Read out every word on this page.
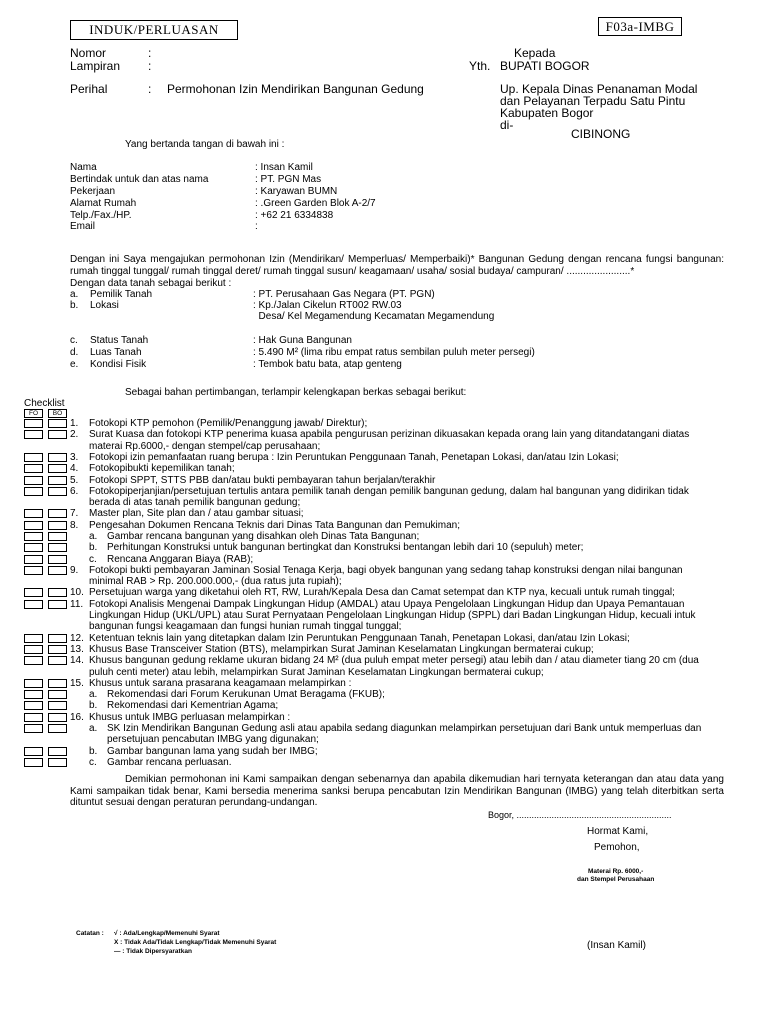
INDUK/PERLUASAN	F03a-IMBG
Nomor	:
Lampiran :
Perihal	: Permohonan Izin Mendirikan Bangunan Gedung
Kepada
Yth. BUPATI BOGOR
Up. Kepala Dinas Penanaman Modal
dan Pelayanan Terpadu Satu Pintu
Kabupaten Bogor
di-
CIBINONG
Yang bertanda tangan di bawah ini :
Nama	: Insan Kamil
Bertindak untuk dan atas nama	: PT. PGN Mas
Pekerjaan	: Karyawan BUMN
Alamat Rumah	: .Green Garden Blok A-2/7
Telp./Fax./HP.	: +62 21 6334838
Email	:
Dengan ini Saya mengajukan permohonan Izin (Mendirikan/ Memperluas/ Memperbaiki)* Bangunan Gedung dengan rencana fungsi bangunan: rumah tinggal tunggal/ rumah tinggal deret/ rumah tinggal susun/ keagamaan/ usaha/ sosial budaya/ campuran/ .......................*
Dengan data tanah sebagai berikut :
a. Pemilik Tanah	: PT. Perusahaan Gas Negara (PT. PGN)
b. Lokasi	: Kp./Jalan Cikelun RT002 RW.03
Desa/ Kel Megamendung Kecamatan Megamendung
c. Status Tanah	: Hak Guna Bangunan
d. Luas Tanah	: 5.490 M² (lima ribu empat ratus sembilan puluh meter persegi)
e. Kondisi Fisik	: Tembok batu bata, atap genteng
Sebagai bahan pertimbangan, terlampir kelengkapan berkas sebagai berikut:
Checklist
FO	BO
1. Fotokopi KTP pemohon (Pemilik/Penanggung jawab/ Direktur);
2. Surat Kuasa dan fotokopi KTP penerima kuasa apabila pengurusan perizinan dikuasakan kepada orang lain yang ditandatangani diatas
materai Rp.6000,- dengan stempel/cap perusahaan;
3. Fotokopi izin pemanfaatan ruang berupa : Izin Peruntukan Penggunaan Tanah, Penetapan Lokasi, dan/atau Izin Lokasi;
4. Fotokopibukti kepemilikan tanah;
5. Fotokopi SPPT, STTS PBB dan/atau bukti pembayaran tahun berjalan/terakhir
6. Fotokopiperjanjian/persetujuan tertulis antara pemilik tanah dengan pemilik bangunan gedung, dalam hal bangunan yang didirikan tidak
berada di atas tanah pemilik bangunan gedung;
7. Master plan, Site plan dan / atau gambar situasi;
8. Pengesahan Dokumen Rencana Teknis dari Dinas Tata Bangunan dan Pemukiman;
a. Gambar rencana bangunan yang disahkan oleh Dinas Tata Bangunan;
b. Perhitungan Konstruksi untuk bangunan bertingkat dan Konstruksi bentangan lebih dari 10 (sepuluh) meter;
c. Rencana Anggaran Biaya (RAB);
9. Fotokopi bukti pembayaran Jaminan Sosial Tenaga Kerja, bagi obyek bangunan yang sedang tahap konstruksi dengan nilai bangunan
minimal RAB > Rp. 200.000.000,- (dua ratus juta rupiah);
10. Persetujuan warga yang diketahui oleh RT, RW, Lurah/Kepala Desa dan Camat setempat dan KTP nya, kecuali untuk rumah tinggal;
11. Fotokopi Analisis Mengenai Dampak Lingkungan Hidup (AMDAL) atau Upaya Pengelolaan Lingkungan Hidup dan Upaya Pemantauan
Lingkungan Hidup (UKL/UPL) atau Surat Pernyataan Pengelolaan Lingkungan Hidup (SPPL) dari Badan Lingkungan Hidup, kecuali intuk
bangunan fungsi keagamaan dan fungsi hunian rumah tinggal tunggal;
12. Ketentuan teknis lain yang ditetapkan dalam Izin Peruntukan Penggunaan Tanah, Penetapan Lokasi, dan/atau Izin Lokasi;
13. Khusus Base Transceiver Station (BTS), melampirkan Surat Jaminan Keselamatan Lingkungan bermaterai cukup;
14. Khusus bangunan gedung reklame ukuran bidang 24 M² (dua puluh empat meter persegi) atau lebih dan / atau diameter tiang 20 cm (dua
puluh centi meter) atau lebih, melampirkan Surat Jaminan Keselamatan Lingkungan bermaterai cukup;
15. Khusus untuk sarana prasarana keagamaan melampirkan :
a. Rekomendasi dari Forum Kerukunan Umat Beragama (FKUB);
b. Rekomendasi dari Kementrian Agama;
16. Khusus untuk IMBG perluasan melampirkan :
a. SK Izin Mendirikan Bangunan Gedung asli atau apabila sedang diagunkan melampirkan persetujuan dari Bank untuk memperluas dan
persetujuan pencabutan IMBG yang digunakan;
b. Gambar bangunan lama yang sudah ber IMBG;
c. Gambar rencana perluasan.
Demikian permohonan ini Kami sampaikan dengan sebenarnya dan apabila dikemudian hari ternyata keterangan dan atau data yang Kami sampaikan tidak benar, Kami bersedia menerima sanksi berupa pencabutan Izin Mendirikan Bangunan (IMBG) yang telah diterbitkan serta dituntut sesuai dengan peraturan perundang-undangan.
Bogor, ..............................................................
Hormat Kami,
Pemohon,
Materai Rp. 6000,-
dan Stempel Perusahaan
(Insan Kamil)
Catatan : √ : Ada/Lengkap/Memenuhi Syarat
X : Tidak Ada/Tidak Lengkap/Tidak Memenuhi Syarat
— : Tidak Dipersyaratkan
